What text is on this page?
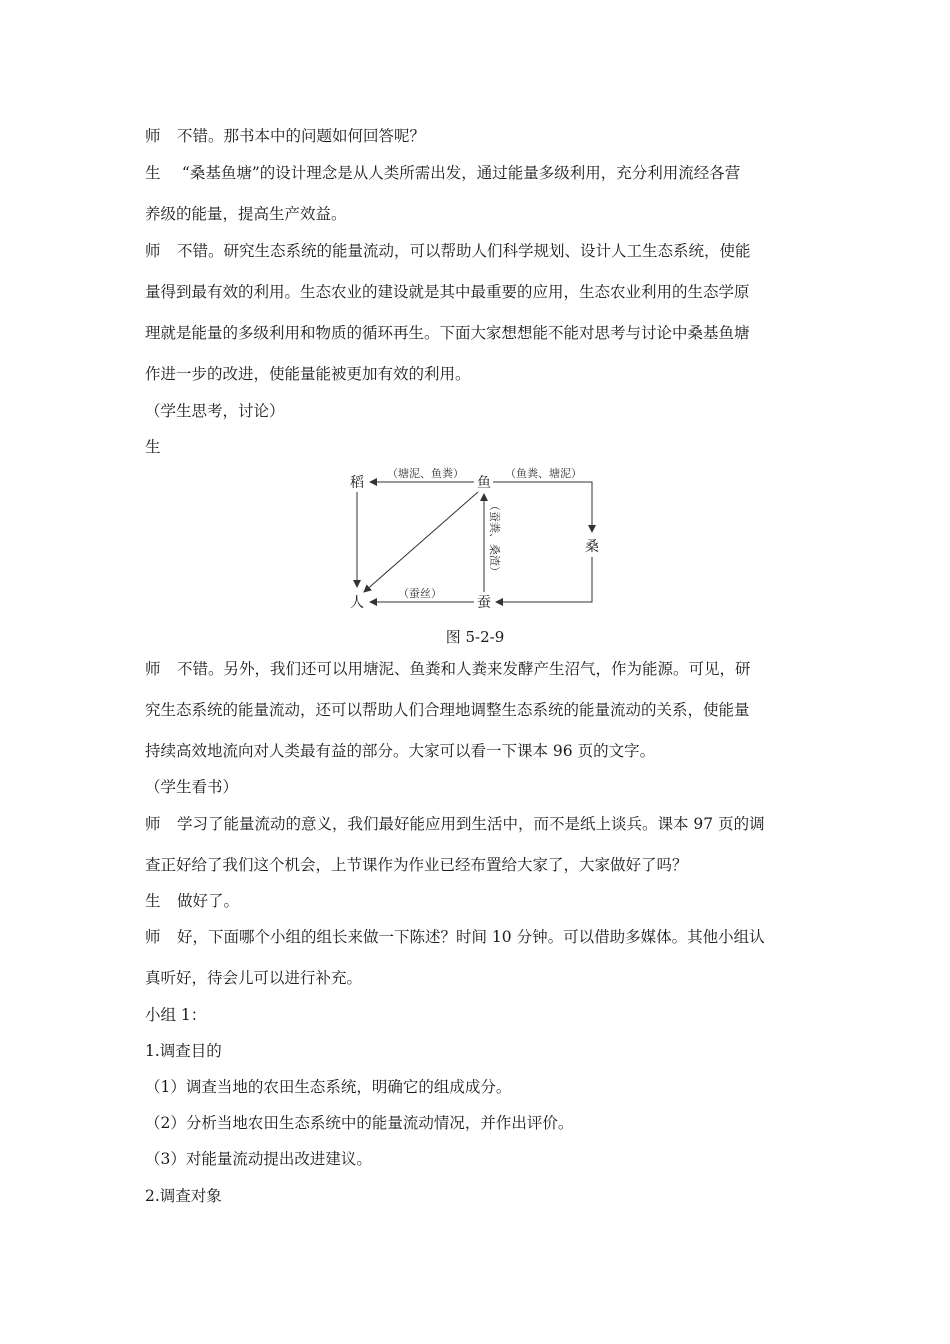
师 不错。那书本中的问题如何回答呢？
生 “桑基鱼塘”的设计理念是从人类所需出发，通过能量多级利用，充分利用流经各营
养级的能量，提高生产效益。
师 不错。研究生态系统的能量流动，可以帮助人们科学规划、设计人工生态系统，使能
量得到最有效的利用。生态农业的建设就是其中最重要的应用，生态农业利用的生态学原
理就是能量的多级利用和物质的循环再生。下面大家想想能不能对思考与讨论中桑基鱼塘
作进一步的改进，使能量能被更加有效的利用。
（学生思考，讨论）
生
稻	鱼
桑
人	蚕
（塘泥、鱼粪）	（鱼粪、塘泥）
（蚕丝）
（蚕粪、桑渣）
图 5-2-9
师 不错。另外，我们还可以用塘泥、鱼粪和人粪来发酵产生沼气，作为能源。可见，研
究生态系统的能量流动，还可以帮助人们合理地调整生态系统的能量流动的关系，使能量
持续高效地流向对人类最有益的部分。大家可以看一下课本 96 页的文字。
（学生看书）
师 学习了能量流动的意义，我们最好能应用到生活中，而不是纸上谈兵。课本 97 页的调
查正好给了我们这个机会，上节课作为作业已经布置给大家了，大家做好了吗？
生 做好了。
师 好，下面哪个小组的组长来做一下陈述？时间 10 分钟。可以借助多媒体。其他小组认
真听好，待会儿可以进行补充。
小组 1：
1.调查目的
（1）调查当地的农田生态系统，明确它的组成成分。
（2）分析当地农田生态系统中的能量流动情况，并作出评价。
（3）对能量流动提出改进建议。
2.调查对象
